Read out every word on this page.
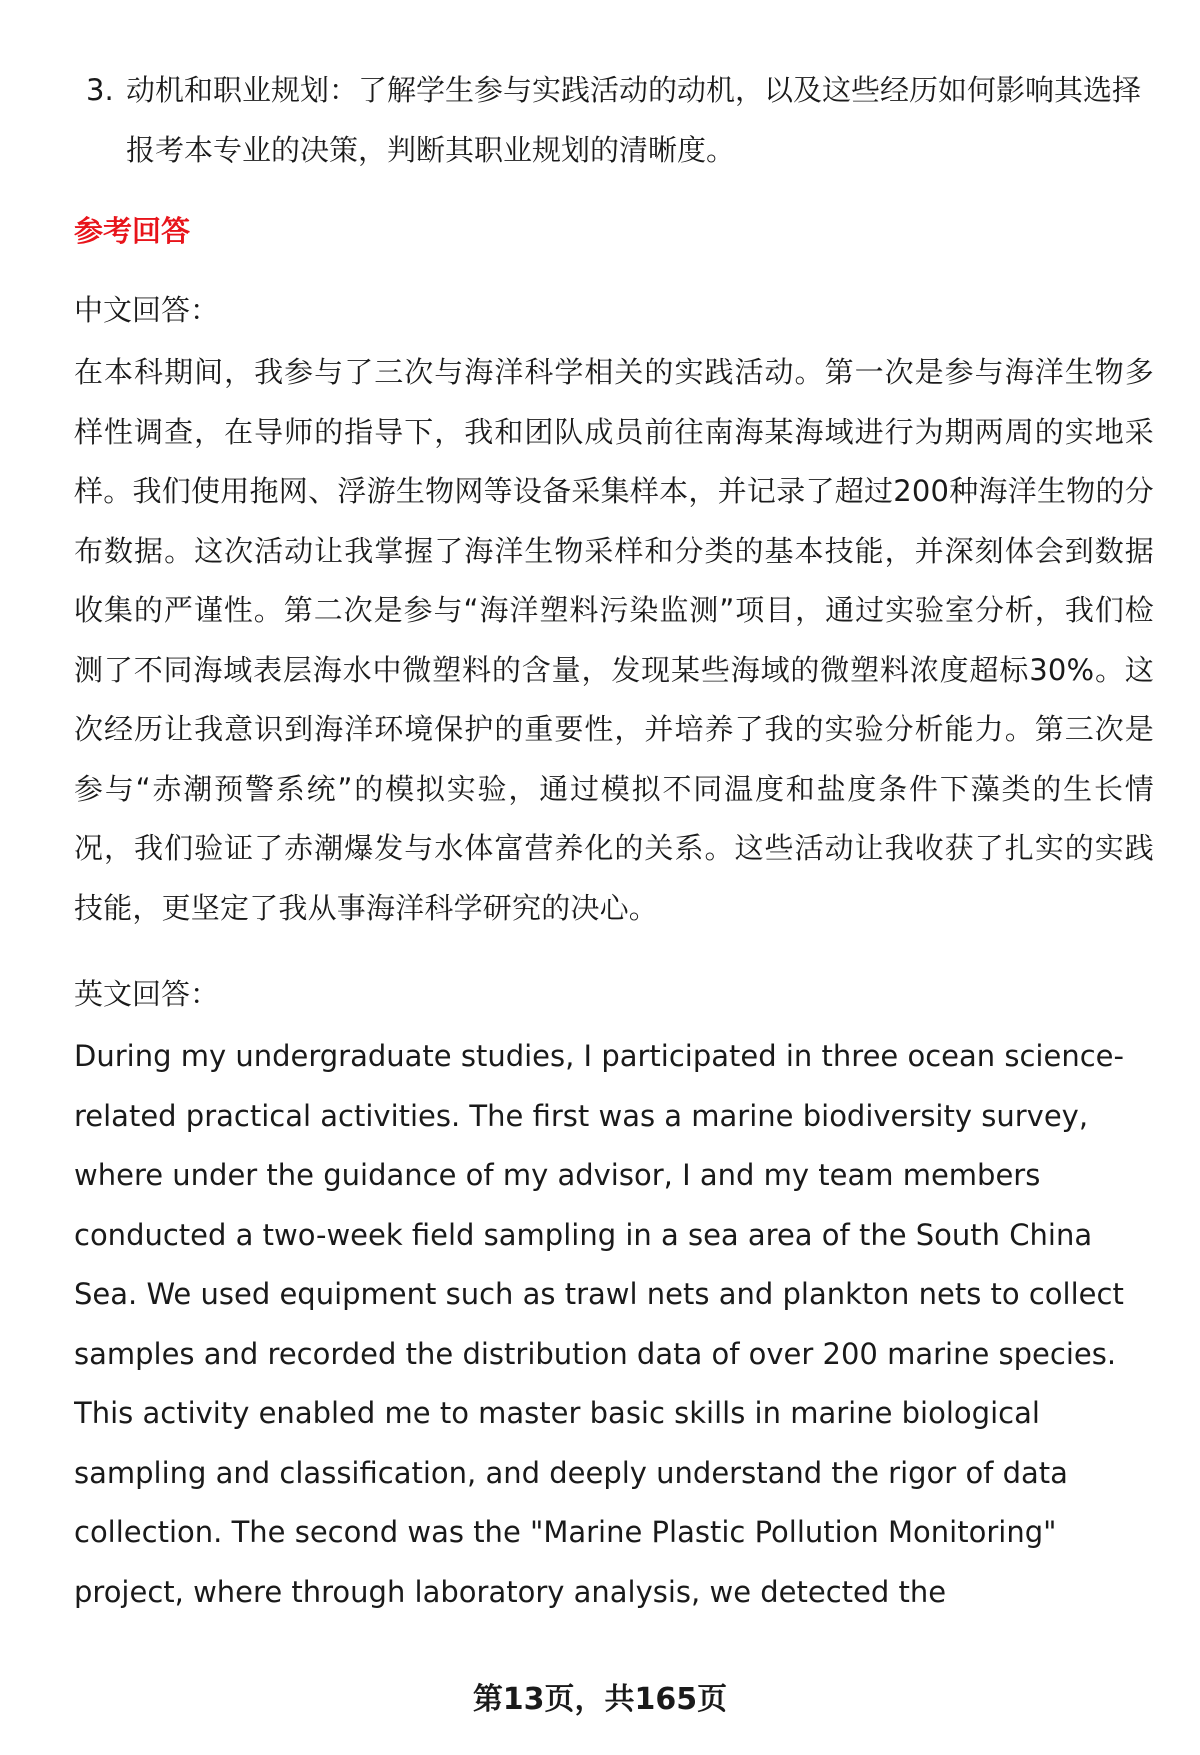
3. 动机和职业规划：了解学生参与实践活动的动机，以及这些经历如何影响其选择报考本专业的决策，判断其职业规划的清晰度。
参考回答
中文回答：
在本科期间，我参与了三次与海洋科学相关的实践活动。第一次是参与海洋生物多样性调查，在导师的指导下，我和团队成员前往南海某海域进行为期两周的实地采样。我们使用拖网、浮游生物网等设备采集样本，并记录了超过200种海洋生物的分布数据。这次活动让我掌握了海洋生物采样和分类的基本技能，并深刻体会到数据收集的严谨性。第二次是参与“海洋塑料污染监测”项目，通过实验室分析，我们检测了不同海域表层海水中微塑料的含量，发现某些海域的微塑料浓度超标30%。这次经历让我意识到海洋环境保护的重要性，并培养了我的实验分析能力。第三次是参与“赤潮预警系统”的模拟实验，通过模拟不同温度和盐度条件下藻类的生长情况，我们验证了赤潮爆发与水体富营养化的关系。这些活动让我收获了扎实的实践技能，更坚定了我从事海洋科学研究的决心。
英文回答：
During my undergraduate studies, I participated in three ocean science-related practical activities. The first was a marine biodiversity survey, where under the guidance of my advisor, I and my team members conducted a two-week field sampling in a sea area of the South China Sea. We used equipment such as trawl nets and plankton nets to collect samples and recorded the distribution data of over 200 marine species. This activity enabled me to master basic skills in marine biological sampling and classification, and deeply understand the rigor of data collection. The second was the "Marine Plastic Pollution Monitoring" project, where through laboratory analysis, we detected the
第13页，共165页
